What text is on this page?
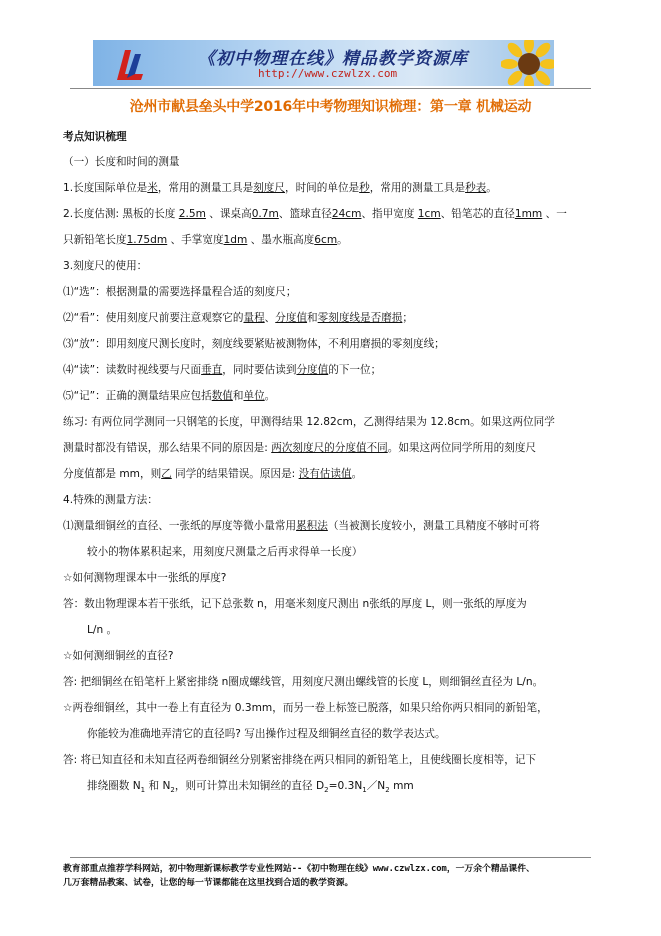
《初中物理在线》精品教学资源库
http://www.czwlzx.com
沧州市献县垒头中学2016年中考物理知识梳理：第一章 机械运动
考点知识梳理
（一）长度和时间的测量
1.长度国际单位是米，常用的测量工具是刻度尺，时间的单位是秒，常用的测量工具是秒表。
2.长度估测: 黑板的长度 2.5m 、课桌高0.7m、篮球直径24cm、指甲宽度 1cm、铅笔芯的直径1mm 、一
只新铅笔长度1.75dm 、手掌宽度1dm 、墨水瓶高度6cm。
3.刻度尺的使用：
⑴“选”：根据测量的需要选择量程合适的刻度尺；
⑵“看”：使用刻度尺前要注意观察它的量程、分度值和零刻度线是否磨损；
⑶“放”：即用刻度尺测长度时，刻度线要紧贴被测物体，不利用磨损的零刻度线；
⑷“读”：读数时视线要与尺面垂直，同时要估读到分度值的下一位；
⑸“记”：正确的测量结果应包括数值和单位。
练习: 有两位同学测同一只钢笔的长度，甲测得结果 12.82cm，乙测得结果为 12.8cm。如果这两位同学
测量时都没有错误，那么结果不同的原因是: 两次刻度尺的分度值不同。如果这两位同学所用的刻度尺
分度值都是 mm，则乙 同学的结果错误。原因是: 没有估读值。
4.特殊的测量方法：
⑴测量细铜丝的直径、一张纸的厚度等微小量常用累积法（当被测长度较小，测量工具精度不够时可将
较小的物体累积起来，用刻度尺测量之后再求得单一长度）
☆如何测物理课本中一张纸的厚度?
答：数出物理课本若干张纸，记下总张数 n，用毫米刻度尺测出 n张纸的厚度 L，则一张纸的厚度为
L/n 。
☆如何测细铜丝的直径?
答: 把细铜丝在铅笔杆上紧密排绕 n圈成螺线管，用刻度尺测出螺线管的长度 L，则细铜丝直径为 L/n。
☆两卷细铜丝，其中一卷上有直径为 0.3mm，而另一卷上标签已脱落，如果只给你两只相同的新铅笔，
你能较为准确地弄清它的直径吗? 写出操作过程及细铜丝直径的数学表达式。
答: 将已知直径和未知直径两卷细铜丝分别紧密排绕在两只相同的新铅笔上，且使线圈长度相等，记下
排绕圈数 $N_1$ 和 $N_2$，则可计算出未知铜丝的直径 $D_2=0.3N_1/N_2$ mm
教育部重点推荐学科网站，初中物理新课标教学专业性网站--《初中物理在线》www.czwlzx.com，一万余个精品课件、
几万套精品教案、试卷，让您的每一节课都能在这里找到合适的教学资源。
